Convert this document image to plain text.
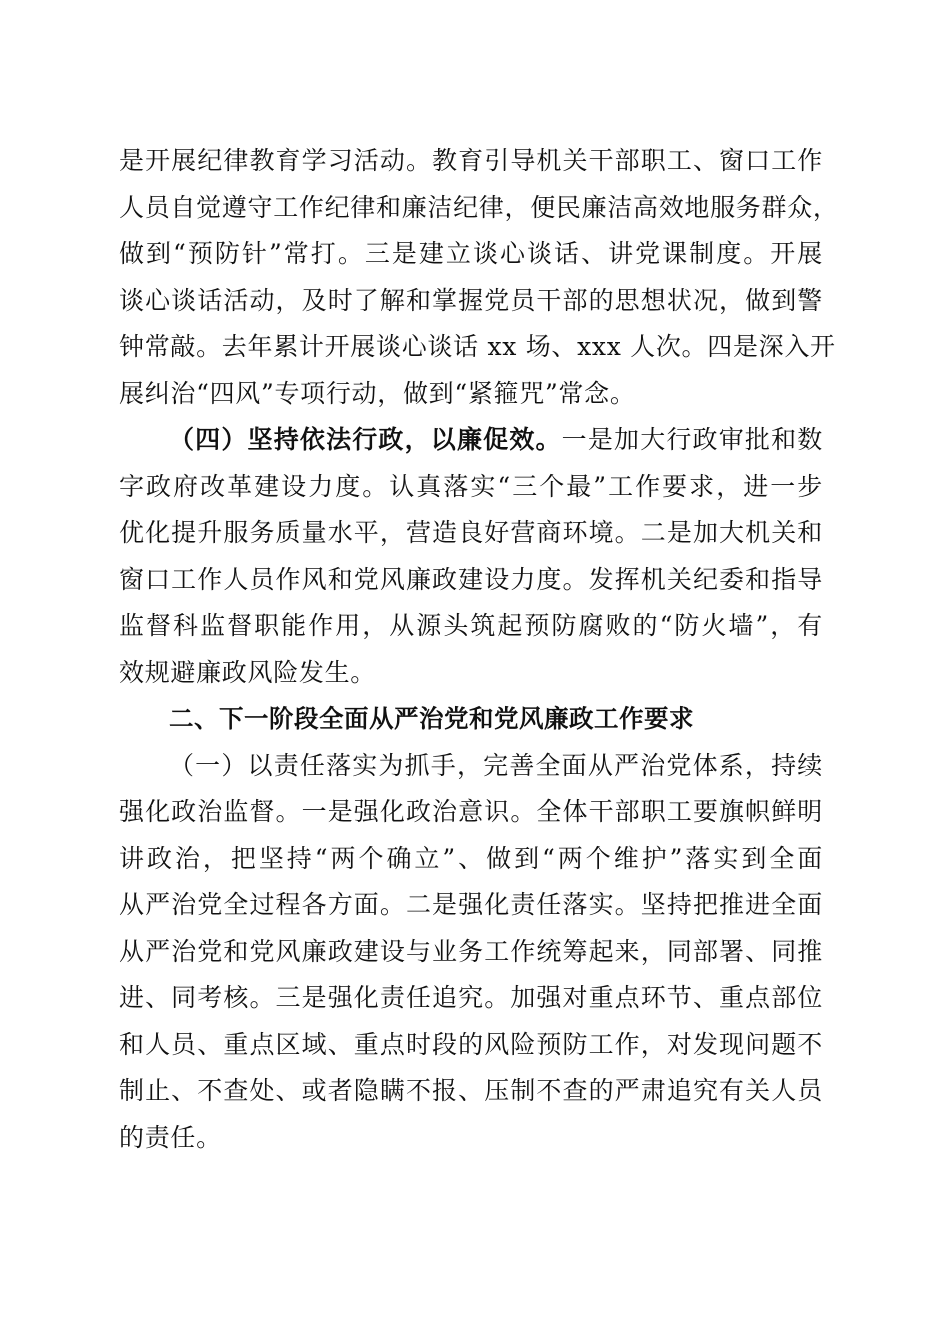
是开展纪律教育学习活动。教育引导机关干部职工、窗口工作
人员自觉遵守工作纪律和廉洁纪律，便民廉洁高效地服务群众，
做到“预防针”常打。三是建立谈心谈话、讲党课制度。开展
谈心谈话活动，及时了解和掌握党员干部的思想状况，做到警
钟常敲。去年累计开展谈心谈话 xx 场、xxx 人次。四是深入开
展纠治“四风”专项行动，做到“紧箍咒”常念。
（四）坚持依法行政，以廉促效。一是加大行政审批和数
字政府改革建设力度。认真落实“三个最”工作要求，进一步
优化提升服务质量水平，营造良好营商环境。二是加大机关和
窗口工作人员作风和党风廉政建设力度。发挥机关纪委和指导
监督科监督职能作用，从源头筑起预防腐败的“防火墙”，有
效规避廉政风险发生。
二、下一阶段全面从严治党和党风廉政工作要求
（一）以责任落实为抓手，完善全面从严治党体系，持续
强化政治监督。一是强化政治意识。全体干部职工要旗帜鲜明
讲政治，把坚持“两个确立”、做到“两个维护”落实到全面
从严治党全过程各方面。二是强化责任落实。坚持把推进全面
从严治党和党风廉政建设与业务工作统筹起来，同部署、同推
进、同考核。三是强化责任追究。加强对重点环节、重点部位
和人员、重点区域、重点时段的风险预防工作，对发现问题不
制止、不查处、或者隐瞒不报、压制不查的严肃追究有关人员
的责任。
